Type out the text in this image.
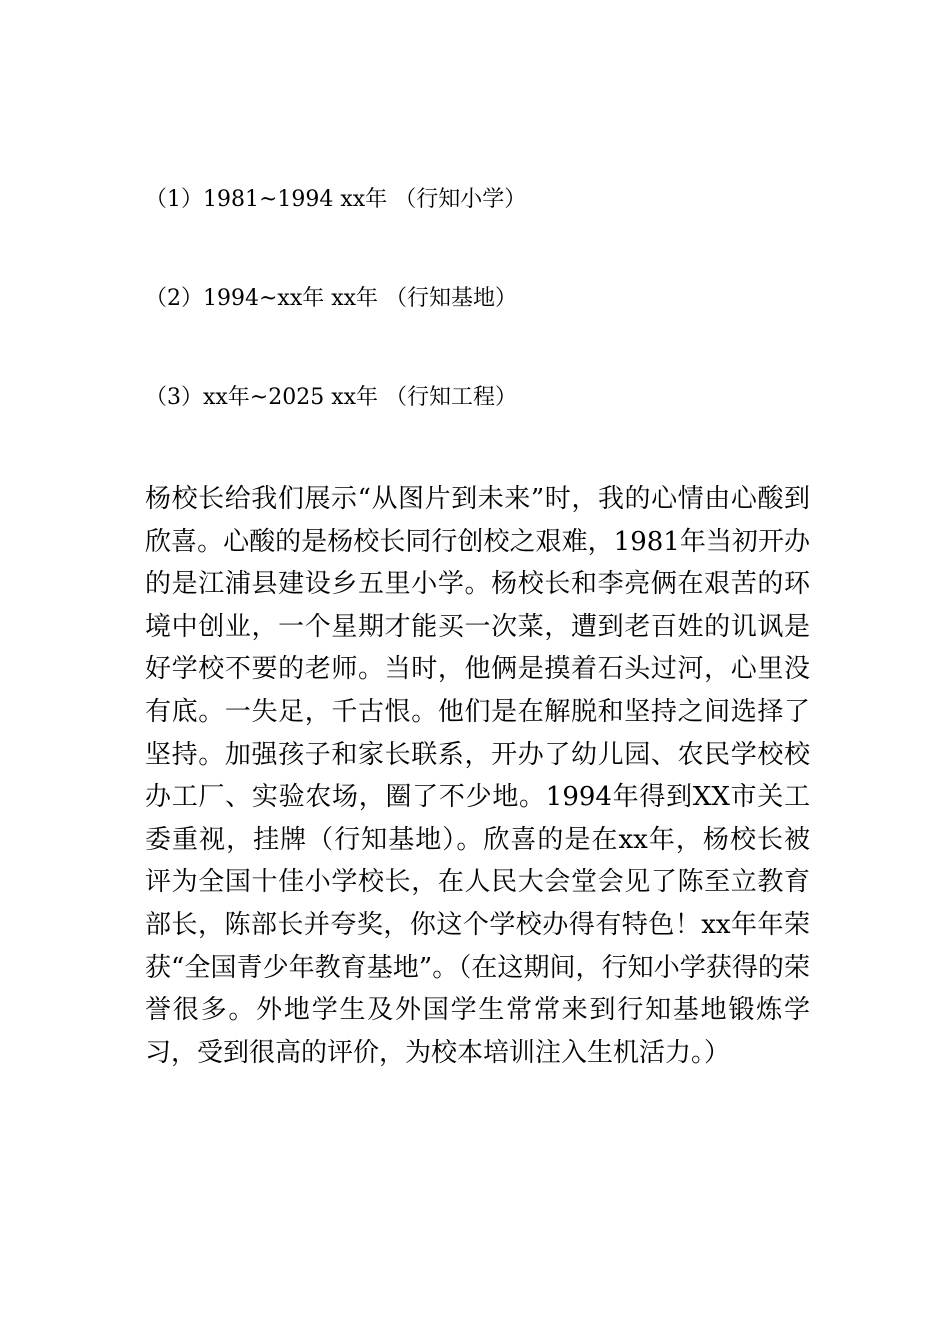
（1）1981~1994 xx年 （行知小学）
（2）1994~xx年 xx年 （行知基地）
（3）xx年~2025 xx年 （行知工程）

杨校长给我们展示“从图片到未来”时，我的心情由心酸到欣喜。心酸的是杨校长同行创校之艰难，1981年当初开办的是江浦县建设乡五里小学。杨校长和李亮俩在艰苦的环境中创业，一个星期才能买一次菜，遭到老百姓的讥讽是好学校不要的老师。当时，他俩是摸着石头过河，心里没有底。一失足，千古恨。他们是在解脱和坚持之间选择了坚持。加强孩子和家长联系，开办了幼儿园、农民学校校办工厂、实验农场，圈了不少地。1994年得到XX市关工委重视，挂牌（行知基地）。欣喜的是在xx年，杨校长被评为全国十佳小学校长，在人民大会堂会见了陈至立教育部长，陈部长并夸奖，你这个学校办得有特色！xx年年荣获“全国青少年教育基地”。（在这期间，行知小学获得的荣誉很多。外地学生及外国学生常常来到行知基地锻炼学习，受到很高的评价，为校本培训注入生机活力。）
